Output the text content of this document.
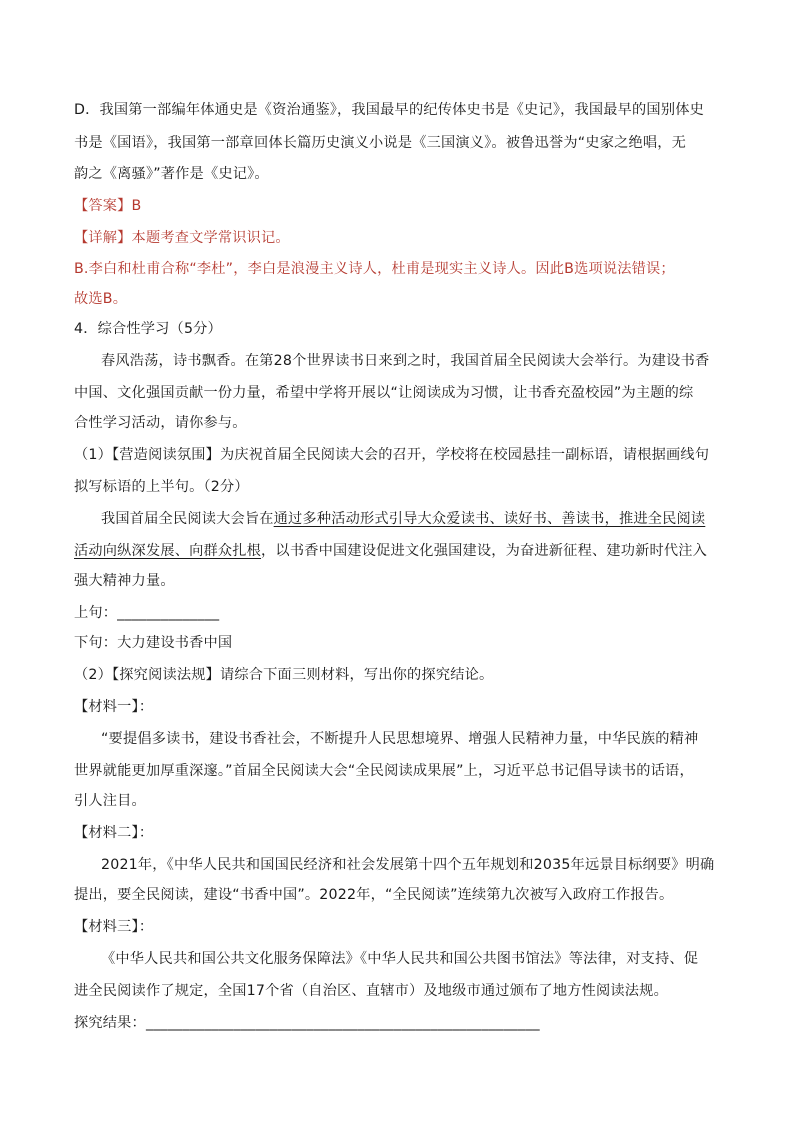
D．我国第一部编年体通史是《资治通鉴》，我国最早的纪传体史书是《史记》，我国最早的国别体史
书是《国语》，我国第一部章回体长篇历史演义小说是《三国演义》。被鲁迅誉为“史家之绝唱，无
韵之《离骚》”著作是《史记》。
【答案】B
【详解】本题考查文学常识识记。
B.李白和杜甫合称“李杜”，李白是浪漫主义诗人，杜甫是现实主义诗人。因此B选项说法错误；
故选B。
4．综合性学习（5分）
春风浩荡，诗书飘香。在第28个世界读书日来到之时，我国首届全民阅读大会举行。为建设书香
中国、文化强国贡献一份力量，希望中学将开展以“让阅读成为习惯，让书香充盈校园”为主题的综
合性学习活动，请你参与。
（1）【营造阅读氛围】为庆祝首届全民阅读大会的召开，学校将在校园悬挂一副标语，请根据画线句
拟写标语的上半句。（2分）
我国首届全民阅读大会旨在通过多种活动形式引导大众爱读书、读好书、善读书，推进全民阅读
活动向纵深发展、向群众扎根，以书香中国建设促进文化强国建设，为奋进新征程、建功新时代注入
强大精神力量。
上句：______________
下句：大力建设书香中国
（2）【探究阅读法规】请综合下面三则材料，写出你的探究结论。
【材料一】：
“要提倡多读书，建设书香社会，不断提升人民思想境界、增强人民精神力量，中华民族的精神
世界就能更加厚重深邃。”首届全民阅读大会“全民阅读成果展”上，习近平总书记倡导读书的话语，
引人注目。
【材料二】：
2021年，《中华人民共和国国民经济和社会发展第十四个五年规划和2035年远景目标纲要》明确
提出，要全民阅读，建设“书香中国”。2022年，“全民阅读”连续第九次被写入政府工作报告。
【材料三】：
《中华人民共和国公共文化服务保障法》《中华人民共和国公共图书馆法》等法律，对支持、促
进全民阅读作了规定，全国17个省（自治区、直辖市）及地级市通过颁布了地方性阅读法规。
探究结果：______________________________________________________
